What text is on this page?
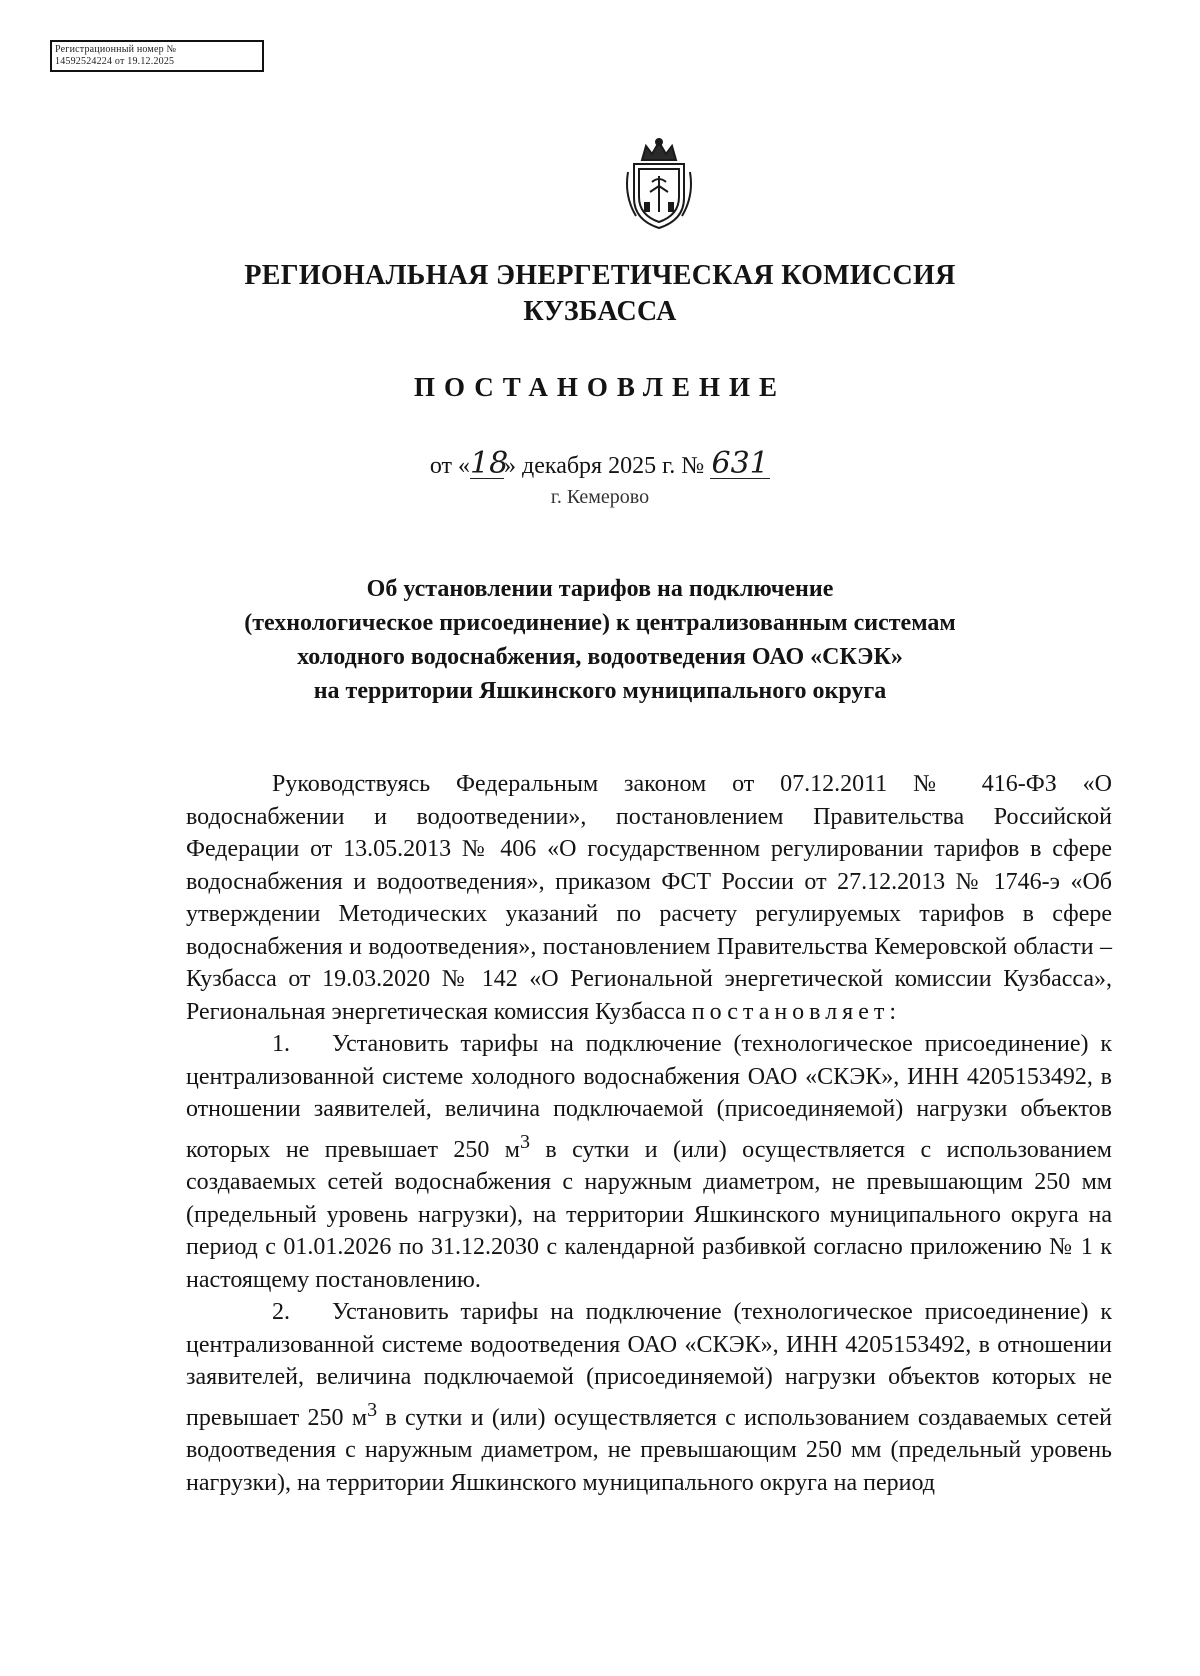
Регистрационный номер №
14592524224 от 19.12.2025
РЕГИОНАЛЬНАЯ ЭНЕРГЕТИЧЕСКАЯ КОМИССИЯ
КУЗБАССА
ПОСТАНОВЛЕНИЕ
от «18» декабря 2025 г. № 631
г. Кемерово
Об установлении тарифов на подключение
(технологическое присоединение) к централизованным системам
холодного водоснабжения, водоотведения ОАО «СКЭК»
на территории Яшкинского муниципального округа

Руководствуясь Федеральным законом от 07.12.2011 № 416-ФЗ «О водоснабжении и водоотведении», постановлением Правительства Российской Федерации от 13.05.2013 № 406 «О государственном регулировании тарифов в сфере водоснабжения и водоотведения», приказом ФСТ России от 27.12.2013 № 1746-э «Об утверждении Методических указаний по расчету регулируемых тарифов в сфере водоснабжения и водоотведения», постановлением Правительства Кемеровской области – Кузбасса от 19.03.2020 № 142 «О Региональной энергетической комиссии Кузбасса», Региональная энергетическая комиссия Кузбасса постановляет:

1. Установить тарифы на подключение (технологическое присоединение) к централизованной системе холодного водоснабжения ОАО «СКЭК», ИНН 4205153492, в отношении заявителей, величина подключаемой (присоединяемой) нагрузки объектов которых не превышает 250 $м^3$ в сутки и (или) осуществляется с использованием создаваемых сетей водоснабжения с наружным диаметром, не превышающим 250 мм (предельный уровень нагрузки), на территории Яшкинского муниципального округа на период с 01.01.2026 по 31.12.2030 с календарной разбивкой согласно приложению № 1 к настоящему постановлению.

2. Установить тарифы на подключение (технологическое присоединение) к централизованной системе водоотведения ОАО «СКЭК», ИНН 4205153492, в отношении заявителей, величина подключаемой (присоединяемой) нагрузки объектов которых не превышает 250 $м^3$ в сутки и (или) осуществляется с использованием создаваемых сетей водоотведения с наружным диаметром, не превышающим 250 мм (предельный уровень нагрузки), на территории Яшкинского муниципального округа на период
